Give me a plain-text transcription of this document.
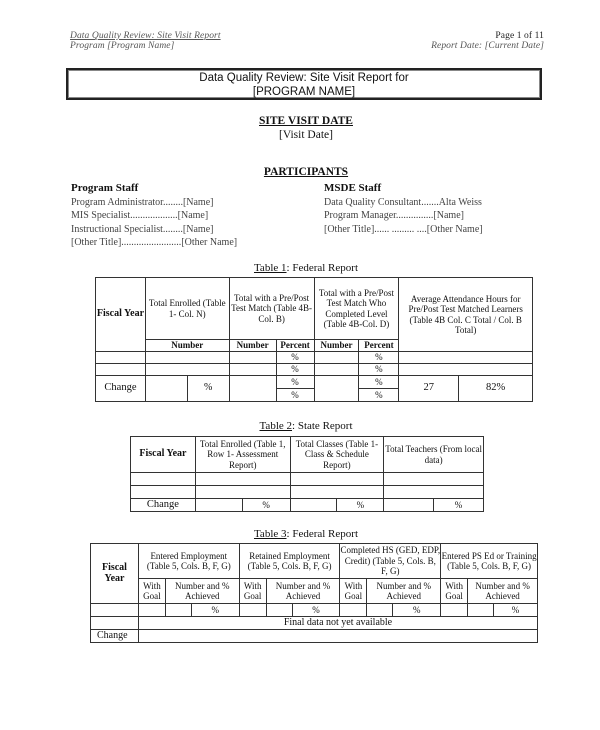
Data Quality Review: Site Visit Report
Program [Program Name]
Page 1 of 11
Report Date: [Current Date]
Data Quality Review: Site Visit Report for
[PROGRAM NAME]
SITE VISIT DATE
[Visit Date]
PARTICIPANTS
Program Staff
Program Administrator........[Name]
MIS Specialist...................[Name]
Instructional Specialist........[Name]
[Other Title]........................[Other Name]
MSDE Staff
Data Quality Consultant.......Alta Weiss
Program Manager...............[Name]
[Other Title]...... ......... ....[Other Name]
Table 1: Federal Report
Fiscal Year	Total Enrolled (Table 1- Col. N)		Total with a Pre/Post Test Match (Table 4B-Col. B)		Total with a Pre/Post Test Match Who Completed Level (Table 4B-Col. D)		Average Attendance Hours for Pre/Post Test Matched Learners (Table 4B Col. C Total / Col. B Total)	
	Number		Number	Percent	Number	Percent		
				%		%		
				%		%		
Change		%		%		%	27	82%
				%		%		
Table 2: State Report
Fiscal Year	Total Enrolled (Table 1, Row 1- Assessment Report)		Total Classes (Table 1-Class & Schedule Report)		Total Teachers (From local data)	

Change		%		%		%
Table 3: Federal Report
Fiscal Year	Entered Employment (Table 5, Cols. B, F, G)			Retained Employment (Table 5, Cols. B, F, G)			Completed HS (GED, EDP, Credit) (Table 5, Cols. B, F, G)			Entered PS Ed or Training (Table 5, Cols. B, F, G)		
	With Goal	Number and % Achieved		With Goal	Number and % Achieved		With Goal	Number and % Achieved		With Goal	Number and % Achieved	
			%			%			%			%
	Final data not yet available											
Change												
